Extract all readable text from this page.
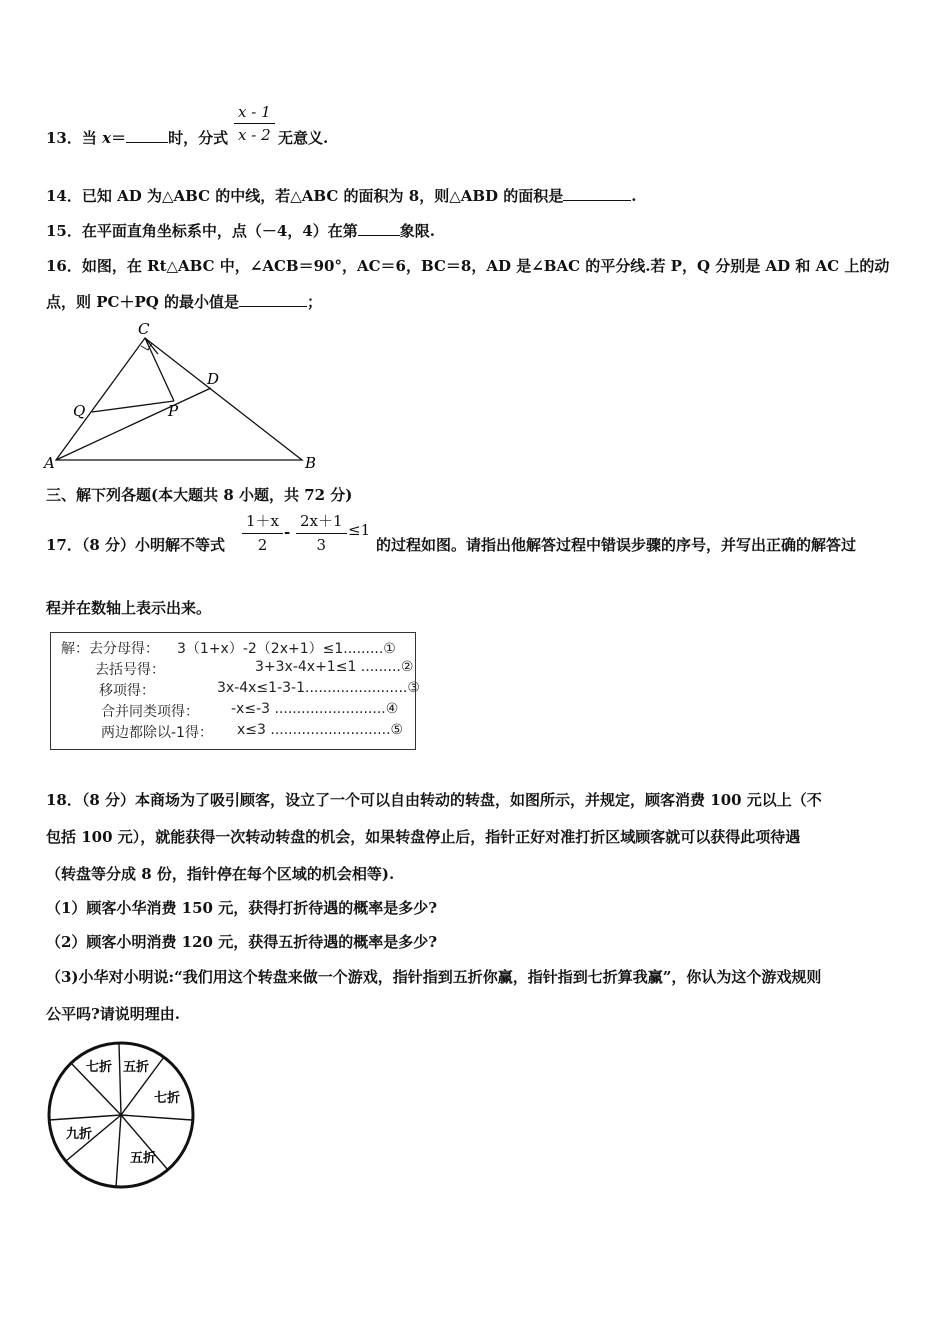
13．当 x＝	时，分式
x - 1
x - 2 无意义.
14．已知 AD 为△ABC 的中线，若△ABC 的面积为 8，则△ABD 的面积是	.
15．在平面直角坐标系中，点（－4，4）在第	象限.
16．如图，在 Rt△ABC 中，∠ACB＝90°，AC＝6，BC＝8，AD 是∠BAC 的平分线.若 P，Q 分别是 AD 和 AC 上的动
点，则 PC＋PQ 的最小值是	；
C
D
Q	P
A	B
三、解下列各题(本大题共 8 小题，共 72 分)
17．（8 分）小明解不等式
1＋x
2
-
2x＋1
3
≤1
的过程如图。请指出他解答过程中错误步骤的序号，并写出正确的解答过
程并在数轴上表示出来。
解：去分母得： 3（1+x）-2（2x+1）≤1.........①
去括号得：	3+3x-4x+1≤1 .........②
移项得：	3x-4x≤1-3-1.......................③
合并同类项得： -x≤-3 .........................④
两边都除以-1得： x≤3 ...........................⑤
18．（8 分）本商场为了吸引顾客，设立了一个可以自由转动的转盘，如图所示，并规定，顾客消费 100 元以上（不
包括 100 元），就能获得一次转动转盘的机会，如果转盘停止后，指针正好对准打折区域顾客就可以获得此项待遇
（转盘等分成 8 份，指针停在每个区域的机会相等).
（1）顾客小华消费 150 元，获得打折待遇的概率是多少?
（2）顾客小明消费 120 元，获得五折待遇的概率是多少?
（3)小华对小明说:“我们用这个转盘来做一个游戏，指针指到五折你赢，指针指到七折算我赢”，你认为这个游戏规则
公平吗?请说明理由.
七折 五折
七折
九折
五折
